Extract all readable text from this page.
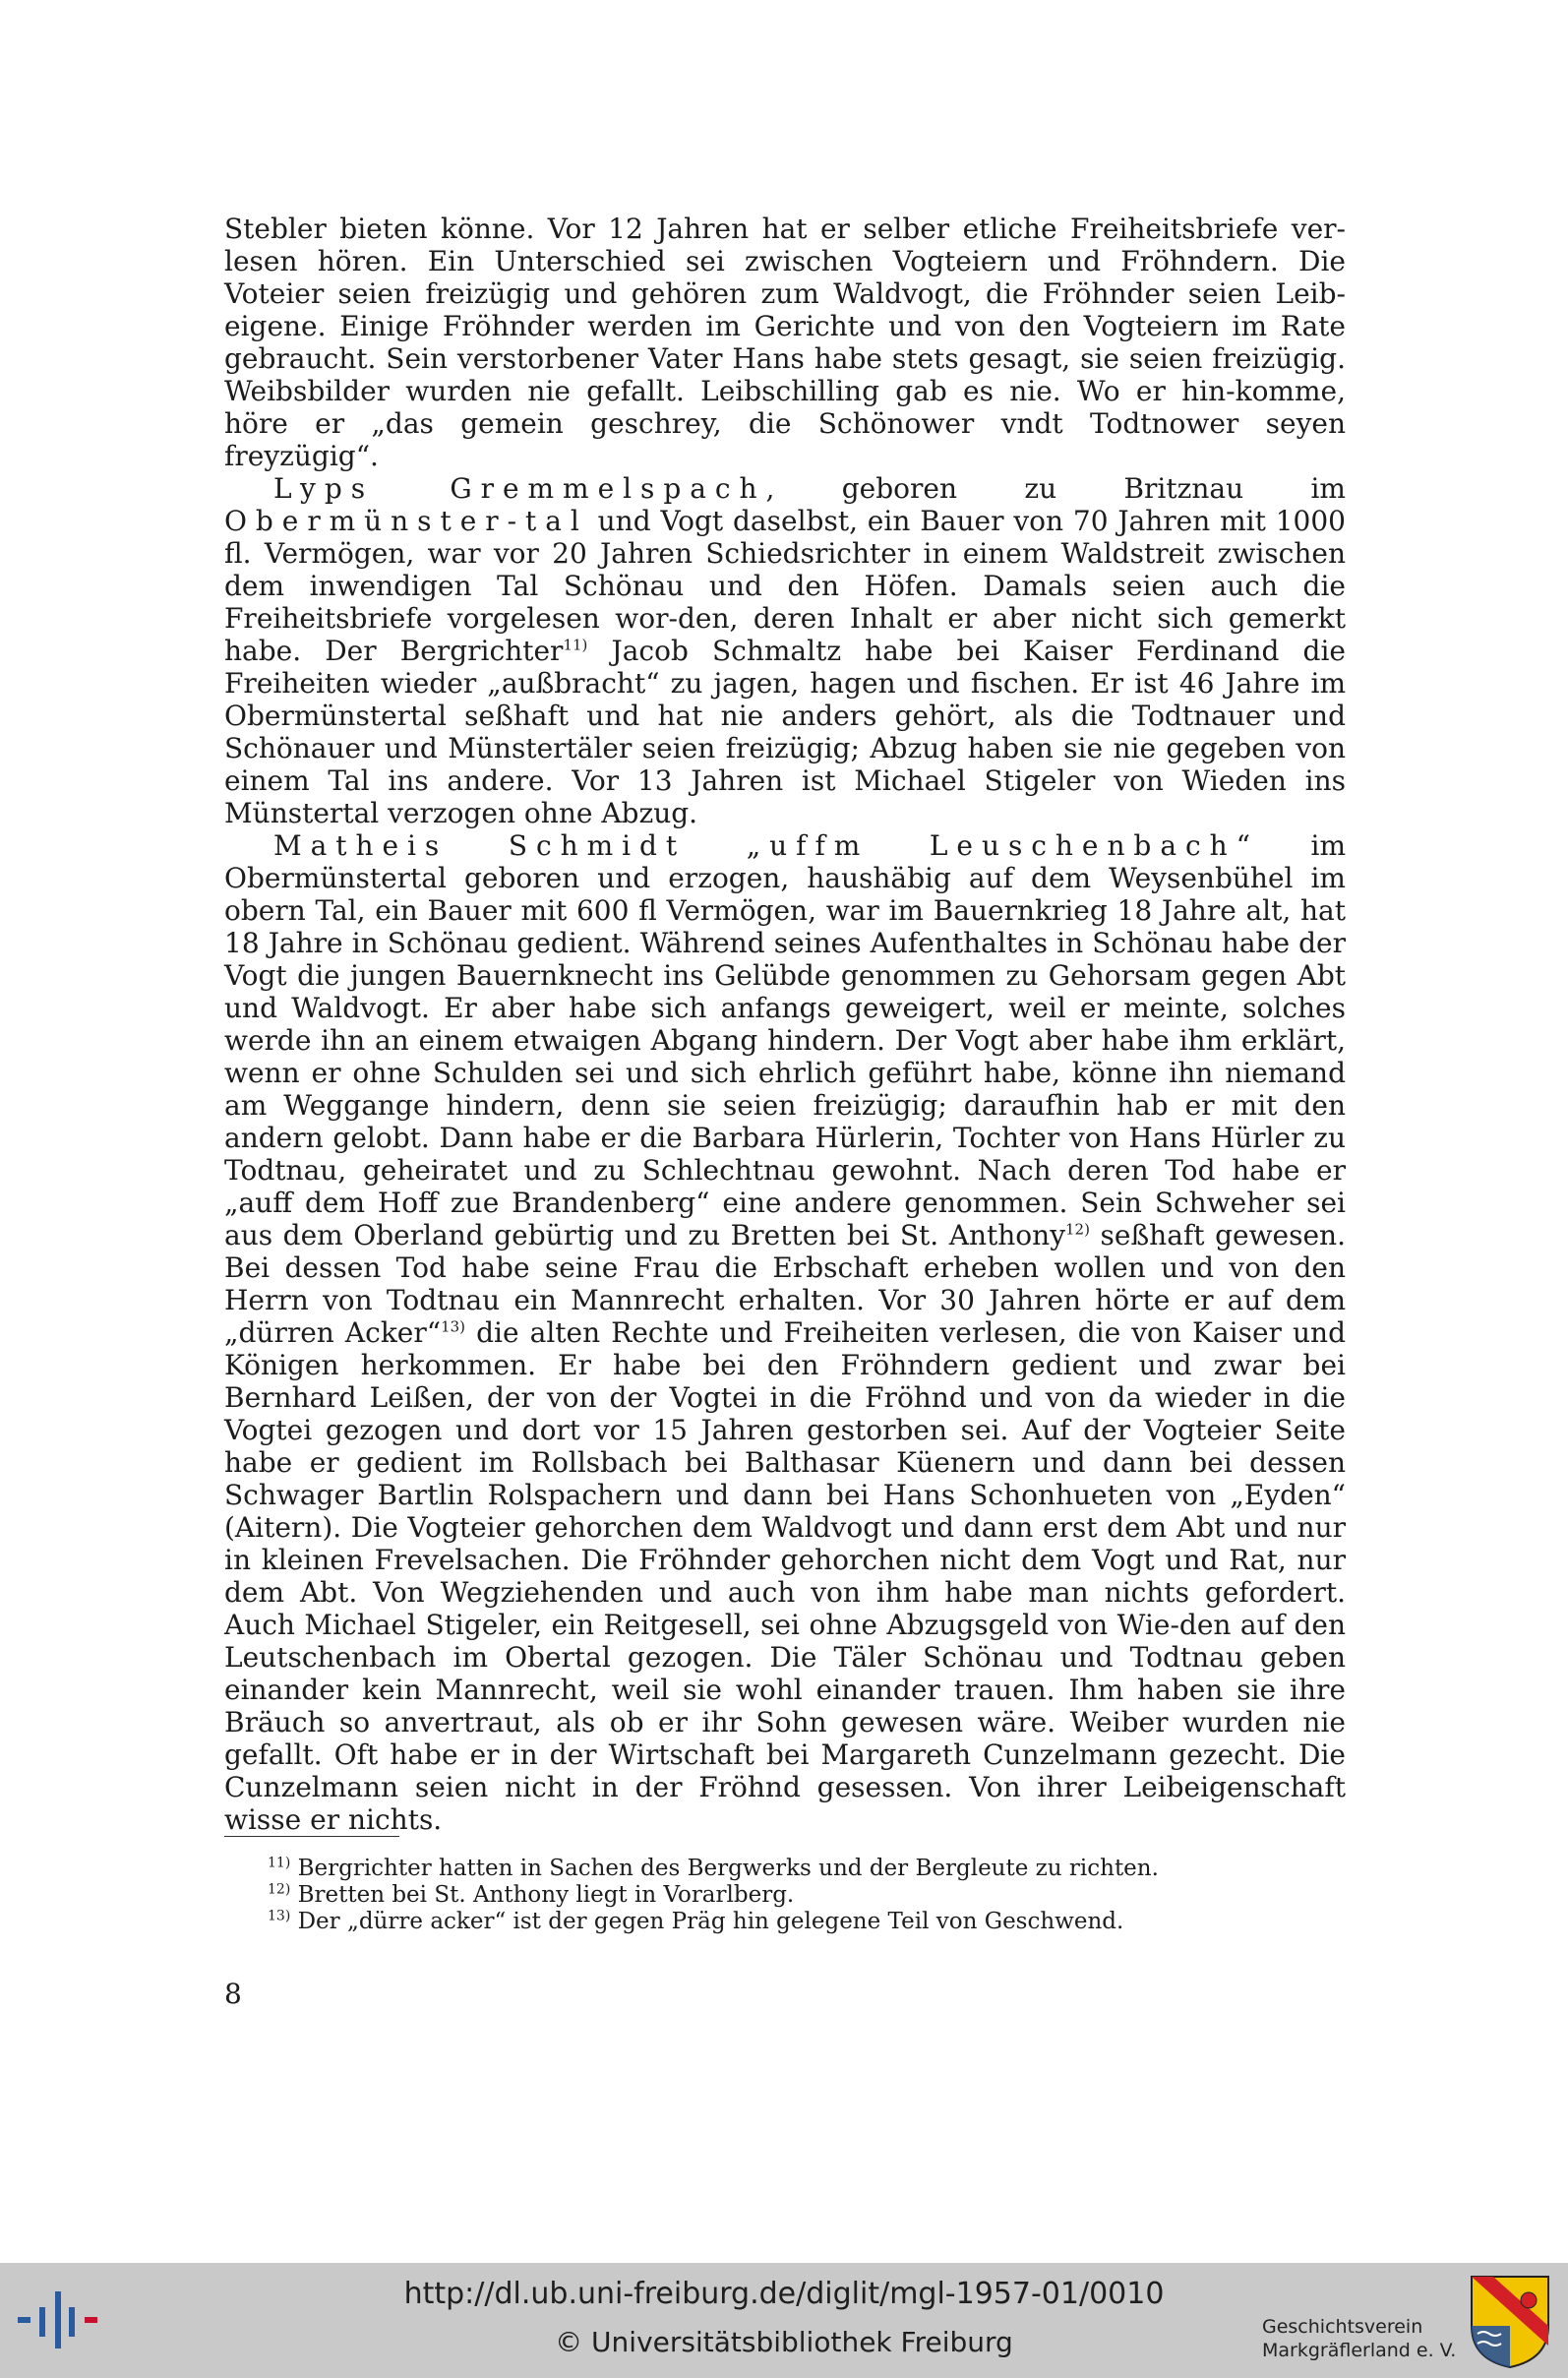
Stebler bieten könne. Vor 12 Jahren hat er selber etliche Freiheitsbriefe ver-lesen hören. Ein Unterschied sei zwischen Vogteiern und Fröhndern. Die Voteier seien freizügig und gehören zum Waldvogt, die Fröhnder seien Leib-eigene. Einige Fröhnder werden im Gerichte und von den Vogteiern im Rate gebraucht. Sein verstorbener Vater Hans habe stets gesagt, sie seien freizügig. Weibsbilder wurden nie gefallt. Leibschilling gab es nie. Wo er hin-komme, höre er „das gemein geschrey, die Schönower vndt Todtnower seyen freyzügig“.

Lyps Gremmelspach, geboren zu Britznau im Obermünster-tal und Vogt daselbst, ein Bauer von 70 Jahren mit 1000 fl. Vermögen, war vor 20 Jahren Schiedsrichter in einem Waldstreit zwischen dem inwendigen Tal Schönau und den Höfen. Damals seien auch die Freiheitsbriefe vorgelesen wor-den, deren Inhalt er aber nicht sich gemerkt habe. Der Bergrichter$^{11)}$ Jacob Schmaltz habe bei Kaiser Ferdinand die Freiheiten wieder „außbracht“ zu jagen, hagen und fischen. Er ist 46 Jahre im Obermünstertal seßhaft und hat nie anders gehört, als die Todtnauer und Schönauer und Münstertäler seien freizügig; Abzug haben sie nie gegeben von einem Tal ins andere. Vor 13 Jahren ist Michael Stigeler von Wieden ins Münstertal verzogen ohne Abzug.

Matheis Schmidt „uffm Leuschenbach“ im Obermünstertal geboren und erzogen, haushäbig auf dem Weysenbühel im obern Tal, ein Bauer mit 600 fl Vermögen, war im Bauernkrieg 18 Jahre alt, hat 18 Jahre in Schönau gedient. Während seines Aufenthaltes in Schönau habe der Vogt die jungen Bauernknecht ins Gelübde genommen zu Gehorsam gegen Abt und Waldvogt. Er aber habe sich anfangs geweigert, weil er meinte, solches werde ihn an einem etwaigen Abgang hindern. Der Vogt aber habe ihm erklärt, wenn er ohne Schulden sei und sich ehrlich geführt habe, könne ihn niemand am Weggange hindern, denn sie seien freizügig; daraufhin hab er mit den andern gelobt. Dann habe er die Barbara Hürlerin, Tochter von Hans Hürler zu Todtnau, geheiratet und zu Schlechtnau gewohnt. Nach deren Tod habe er „auff dem Hoff zue Brandenberg“ eine andere genommen. Sein Schweher sei aus dem Oberland gebürtig und zu Bretten bei St. Anthony$^{12)}$ seßhaft gewesen. Bei dessen Tod habe seine Frau die Erbschaft erheben wollen und von den Herrn von Todtnau ein Mannrecht erhalten. Vor 30 Jahren hörte er auf dem „dürren Acker“$^{13)}$ die alten Rechte und Freiheiten verlesen, die von Kaiser und Königen herkommen. Er habe bei den Fröhndern gedient und zwar bei Bernhard Leißen, der von der Vogtei in die Fröhnd und von da wieder in die Vogtei gezogen und dort vor 15 Jahren gestorben sei. Auf der Vogteier Seite habe er gedient im Rollsbach bei Balthasar Küenern und dann bei dessen Schwager Bartlin Rolspachern und dann bei Hans Schonhueten von „Eyden“ (Aitern). Die Vogteier gehorchen dem Waldvogt und dann erst dem Abt und nur in kleinen Frevelsachen. Die Fröhnder gehorchen nicht dem Vogt und Rat, nur dem Abt. Von Wegziehenden und auch von ihm habe man nichts gefordert. Auch Michael Stigeler, ein Reitgesell, sei ohne Abzugsgeld von Wie-den auf den Leutschenbach im Obertal gezogen. Die Täler Schönau und Todtnau geben einander kein Mannrecht, weil sie wohl einander trauen. Ihm haben sie ihre Bräuch so anvertraut, als ob er ihr Sohn gewesen wäre. Weiber wurden nie gefallt. Oft habe er in der Wirtschaft bei Margareth Cunzelmann gezecht. Die Cunzelmann seien nicht in der Fröhnd gesessen. Von ihrer Leibeigenschaft wisse er nichts.

$^{11)}$ Bergrichter hatten in Sachen des Bergwerks und der Bergleute zu richten.
$^{12)}$ Bretten bei St. Anthony liegt in Vorarlberg.
$^{13)}$ Der „dürre acker“ ist der gegen Präg hin gelegene Teil von Geschwend.
8
http://dl.ub.uni-freiburg.de/diglit/mgl-1957-01/0010
© Universitätsbibliothek Freiburg	Geschichtsverein
Markgräflerland e. V.
